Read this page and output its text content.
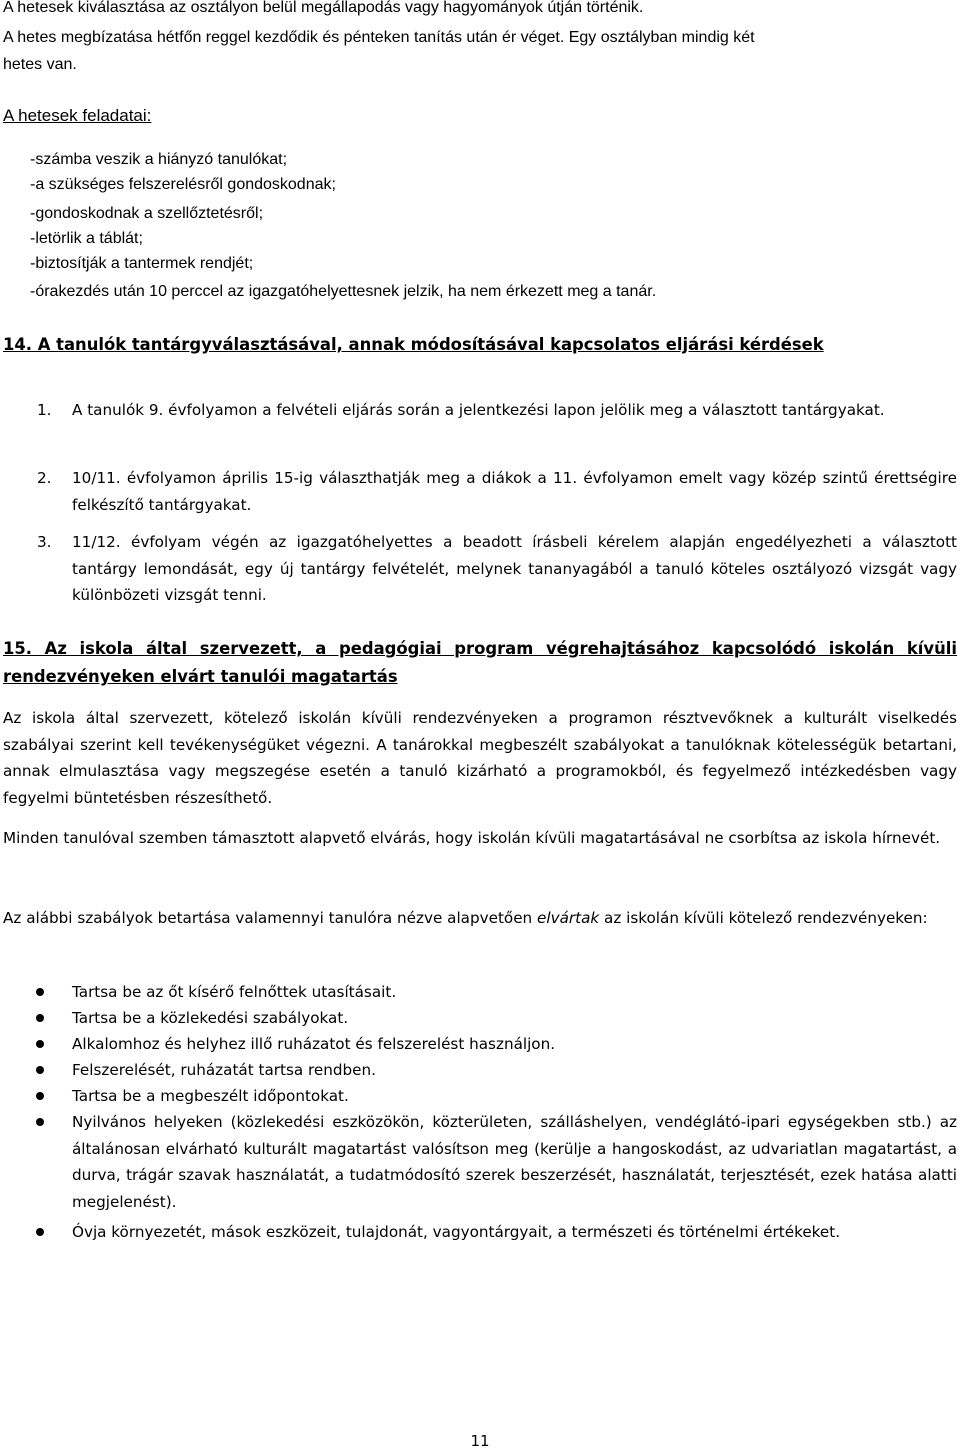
A hetesek kiválasztása az osztályon belül megállapodás vagy hagyományok útján történik.
A hetes megbízatása hétfőn reggel kezdődik és pénteken tanítás után ér véget. Egy osztályban mindig két
hetes van.
A hetesek feladatai:
-számba veszik a hiányzó tanulókat;
-a szükséges felszerelésről gondoskodnak;
-gondoskodnak a szellőztetésről;
-letörlik a táblát;
-biztosítják a tantermek rendjét;
-órakezdés után 10 perccel az igazgatóhelyettesnek jelzik, ha nem érkezett meg a tanár.
14. A tanulók tantárgyválasztásával, annak módosításával kapcsolatos eljárási kérdések
1. A tanulók 9. évfolyamon a felvételi eljárás során a jelentkezési lapon jelölik meg a választott tantárgyakat.
2. 10/11. évfolyamon április 15-ig választhatják meg a diákok a 11. évfolyamon emelt vagy közép szintű érettségire felkészítő tantárgyakat.
3. 11/12. évfolyam végén az igazgatóhelyettes a beadott írásbeli kérelem alapján engedélyezheti a választott tantárgy lemondását, egy új tantárgy felvételét, melynek tananyagából a tanuló köteles osztályozó vizsgát vagy különbözeti vizsgát tenni.
15. Az iskola által szervezett, a pedagógiai program végrehajtásához kapcsolódó iskolán kívüli rendezvényeken elvárt tanulói magatartás
Az iskola által szervezett, kötelező iskolán kívüli rendezvényeken a programon résztvevőknek a kulturált viselkedés szabályai szerint kell tevékenységüket végezni. A tanárokkal megbeszélt szabályokat a tanulóknak kötelességük betartani, annak elmulasztása vagy megszegése esetén a tanuló kizárható a programokból, és fegyelmező intézkedésben vagy fegyelmi büntetésben részesíthető.
Minden tanulóval szemben támasztott alapvető elvárás, hogy iskolán kívüli magatartásával ne csorbítsa az iskola hírnevét.
Az alábbi szabályok betartása valamennyi tanulóra nézve alapvetően elvártak az iskolán kívüli kötelező rendezvényeken:
Tartsa be az őt kísérő felnőttek utasításait.
Tartsa be a közlekedési szabályokat.
Alkalomhoz és helyhez illő ruházatot és felszerelést használjon.
Felszerelését, ruházatát tartsa rendben.
Tartsa be a megbeszélt időpontokat.
Nyilvános helyeken (közlekedési eszközökön, közterületen, szálláshelyen, vendéglátó-ipari egységekben stb.) az általánosan elvárható kulturált magatartást valósítson meg (kerülje a hangoskodást, az udvariatlan magatartást, a durva, trágár szavak használatát, a tudatmódosító szerek beszerzését, használatát, terjesztését, ezek hatása alatti megjelenést).
Óvja környezetét, mások eszközeit, tulajdonát, vagyontárgyait, a természeti és történelmi értékeket.
11
